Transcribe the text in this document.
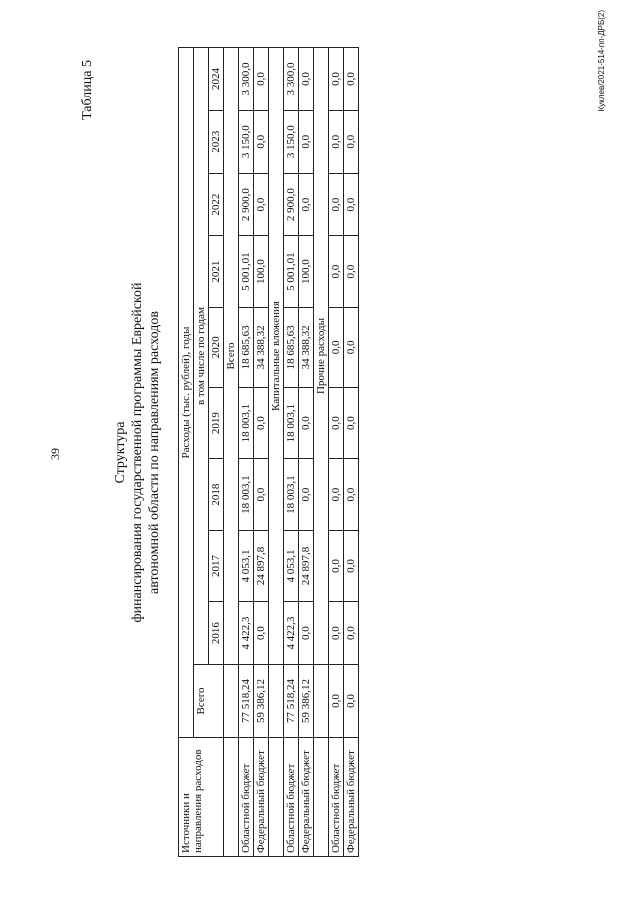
39
Таблица 5
Структура финансирования государственной программы Еврейской автономной области по направлениям расходов
Источники и направления расходов	Расходы (тыс. рублей), годы									
	Всего	в том числе по годам								
		2016	2017	2018	2019	2020	2021	2022	2023	2024
		Всего								
Областной бюджет	77 518,24	4 422,3	4 053,1	18 003,1	18 003,1	18 685,63	5 001,01	2 900,0	3 150,0	3 300,0
Федеральный бюджет	59 386,12	0,0	24 897,8	0,0	0,0	34 388,32	100,0	0,0	0,0	0,0
		Капитальные вложения								
Областной бюджет	77 518,24	4 422,3	4 053,1	18 003,1	18 003,1	18 685,63	5 001,01	2 900,0	3 150,0	3 300,0
Федеральный бюджет	59 386,12	0,0	24 897,8	0,0	0,0	34 388,32	100,0	0,0	0,0	0,0
		Прочие расходы								
Областной бюджет	0,0	0,0	0,0	0,0	0,0	0,0	0,0	0,0	0,0	0,0
Федеральный бюджет	0,0	0,0	0,0	0,0	0,0	0,0	0,0	0,0	0,0	0,0	Куклев/2021-514-пп-ДРБ(2)
